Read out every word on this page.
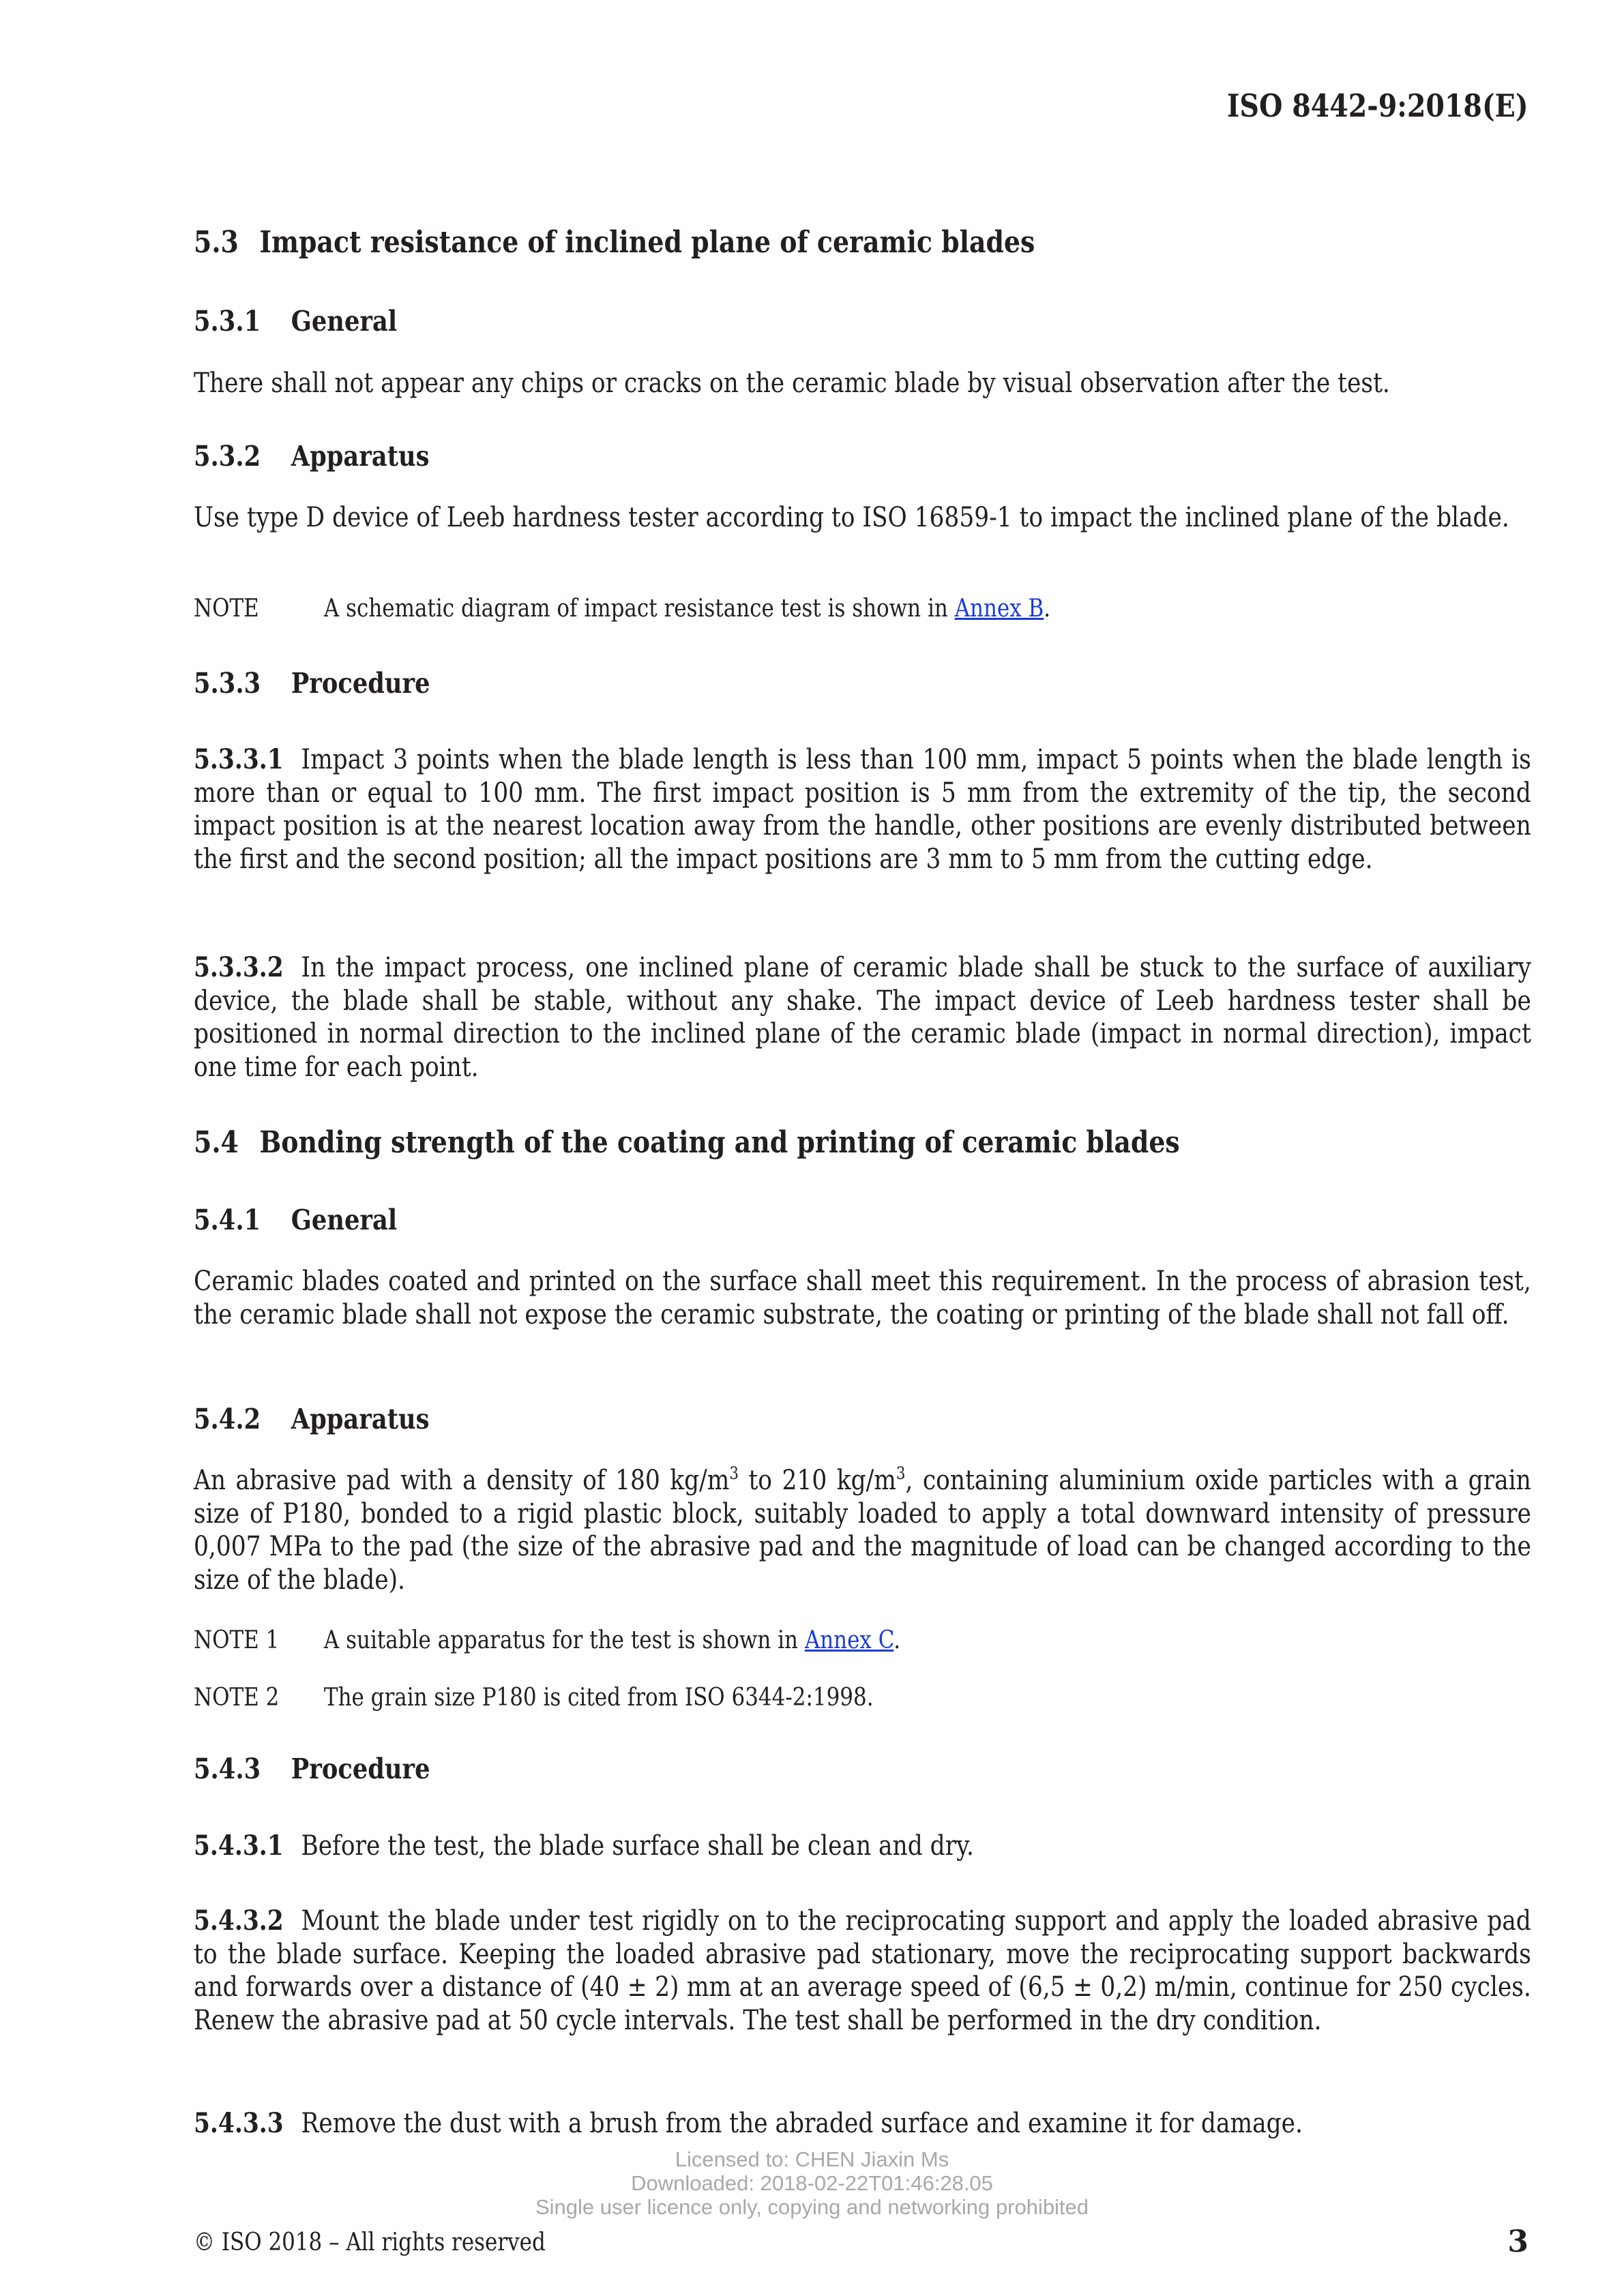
ISO 8442-9:2018(E)
5.3 Impact resistance of inclined plane of ceramic blades
5.3.1 General
There shall not appear any chips or cracks on the ceramic blade by visual observation after the test.
5.3.2 Apparatus
Use type D device of Leeb hardness tester according to ISO 16859-1 to impact the inclined plane of the blade.
NOTE	A schematic diagram of impact resistance test is shown in Annex B.
5.3.3 Procedure
5.3.3.1 Impact 3 points when the blade length is less than 100 mm, impact 5 points when the blade length is more than or equal to 100 mm. The first impact position is 5 mm from the extremity of the tip, the second impact position is at the nearest location away from the handle, other positions are evenly distributed between the first and the second position; all the impact positions are 3 mm to 5 mm from the cutting edge.
5.3.3.2 In the impact process, one inclined plane of ceramic blade shall be stuck to the surface of auxiliary device, the blade shall be stable, without any shake. The impact device of Leeb hardness tester shall be positioned in normal direction to the inclined plane of the ceramic blade (impact in normal direction), impact one time for each point.
5.4 Bonding strength of the coating and printing of ceramic blades
5.4.1 General
Ceramic blades coated and printed on the surface shall meet this requirement. In the process of abrasion test, the ceramic blade shall not expose the ceramic substrate, the coating or printing of the blade shall not fall off.
5.4.2 Apparatus
An abrasive pad with a density of 180 $kg/m^3$ to 210 $kg/m^3$, containing aluminium oxide particles with a grain size of P180, bonded to a rigid plastic block, suitably loaded to apply a total downward intensity of pressure 0,007 MPa to the pad (the size of the abrasive pad and the magnitude of load can be changed according to the size of the blade).
NOTE 1 A suitable apparatus for the test is shown in Annex C.
NOTE 2 The grain size P180 is cited from ISO 6344-2:1998.
5.4.3 Procedure
5.4.3.1 Before the test, the blade surface shall be clean and dry.
5.4.3.2 Mount the blade under test rigidly on to the reciprocating support and apply the loaded abrasive pad to the blade surface. Keeping the loaded abrasive pad stationary, move the reciprocating support backwards and forwards over a distance of (40 ± 2) mm at an average speed of (6,5 ± 0,2) m/min, continue for 250 cycles. Renew the abrasive pad at 50 cycle intervals. The test shall be performed in the dry condition.
5.4.3.3 Remove the dust with a brush from the abraded surface and examine it for damage.
Licensed to: CHEN Jiaxin Ms
Downloaded: 2018-02-22T01:46:28.05
Single user licence only, copying and networking prohibited
© ISO 2018 – All rights reserved	3
